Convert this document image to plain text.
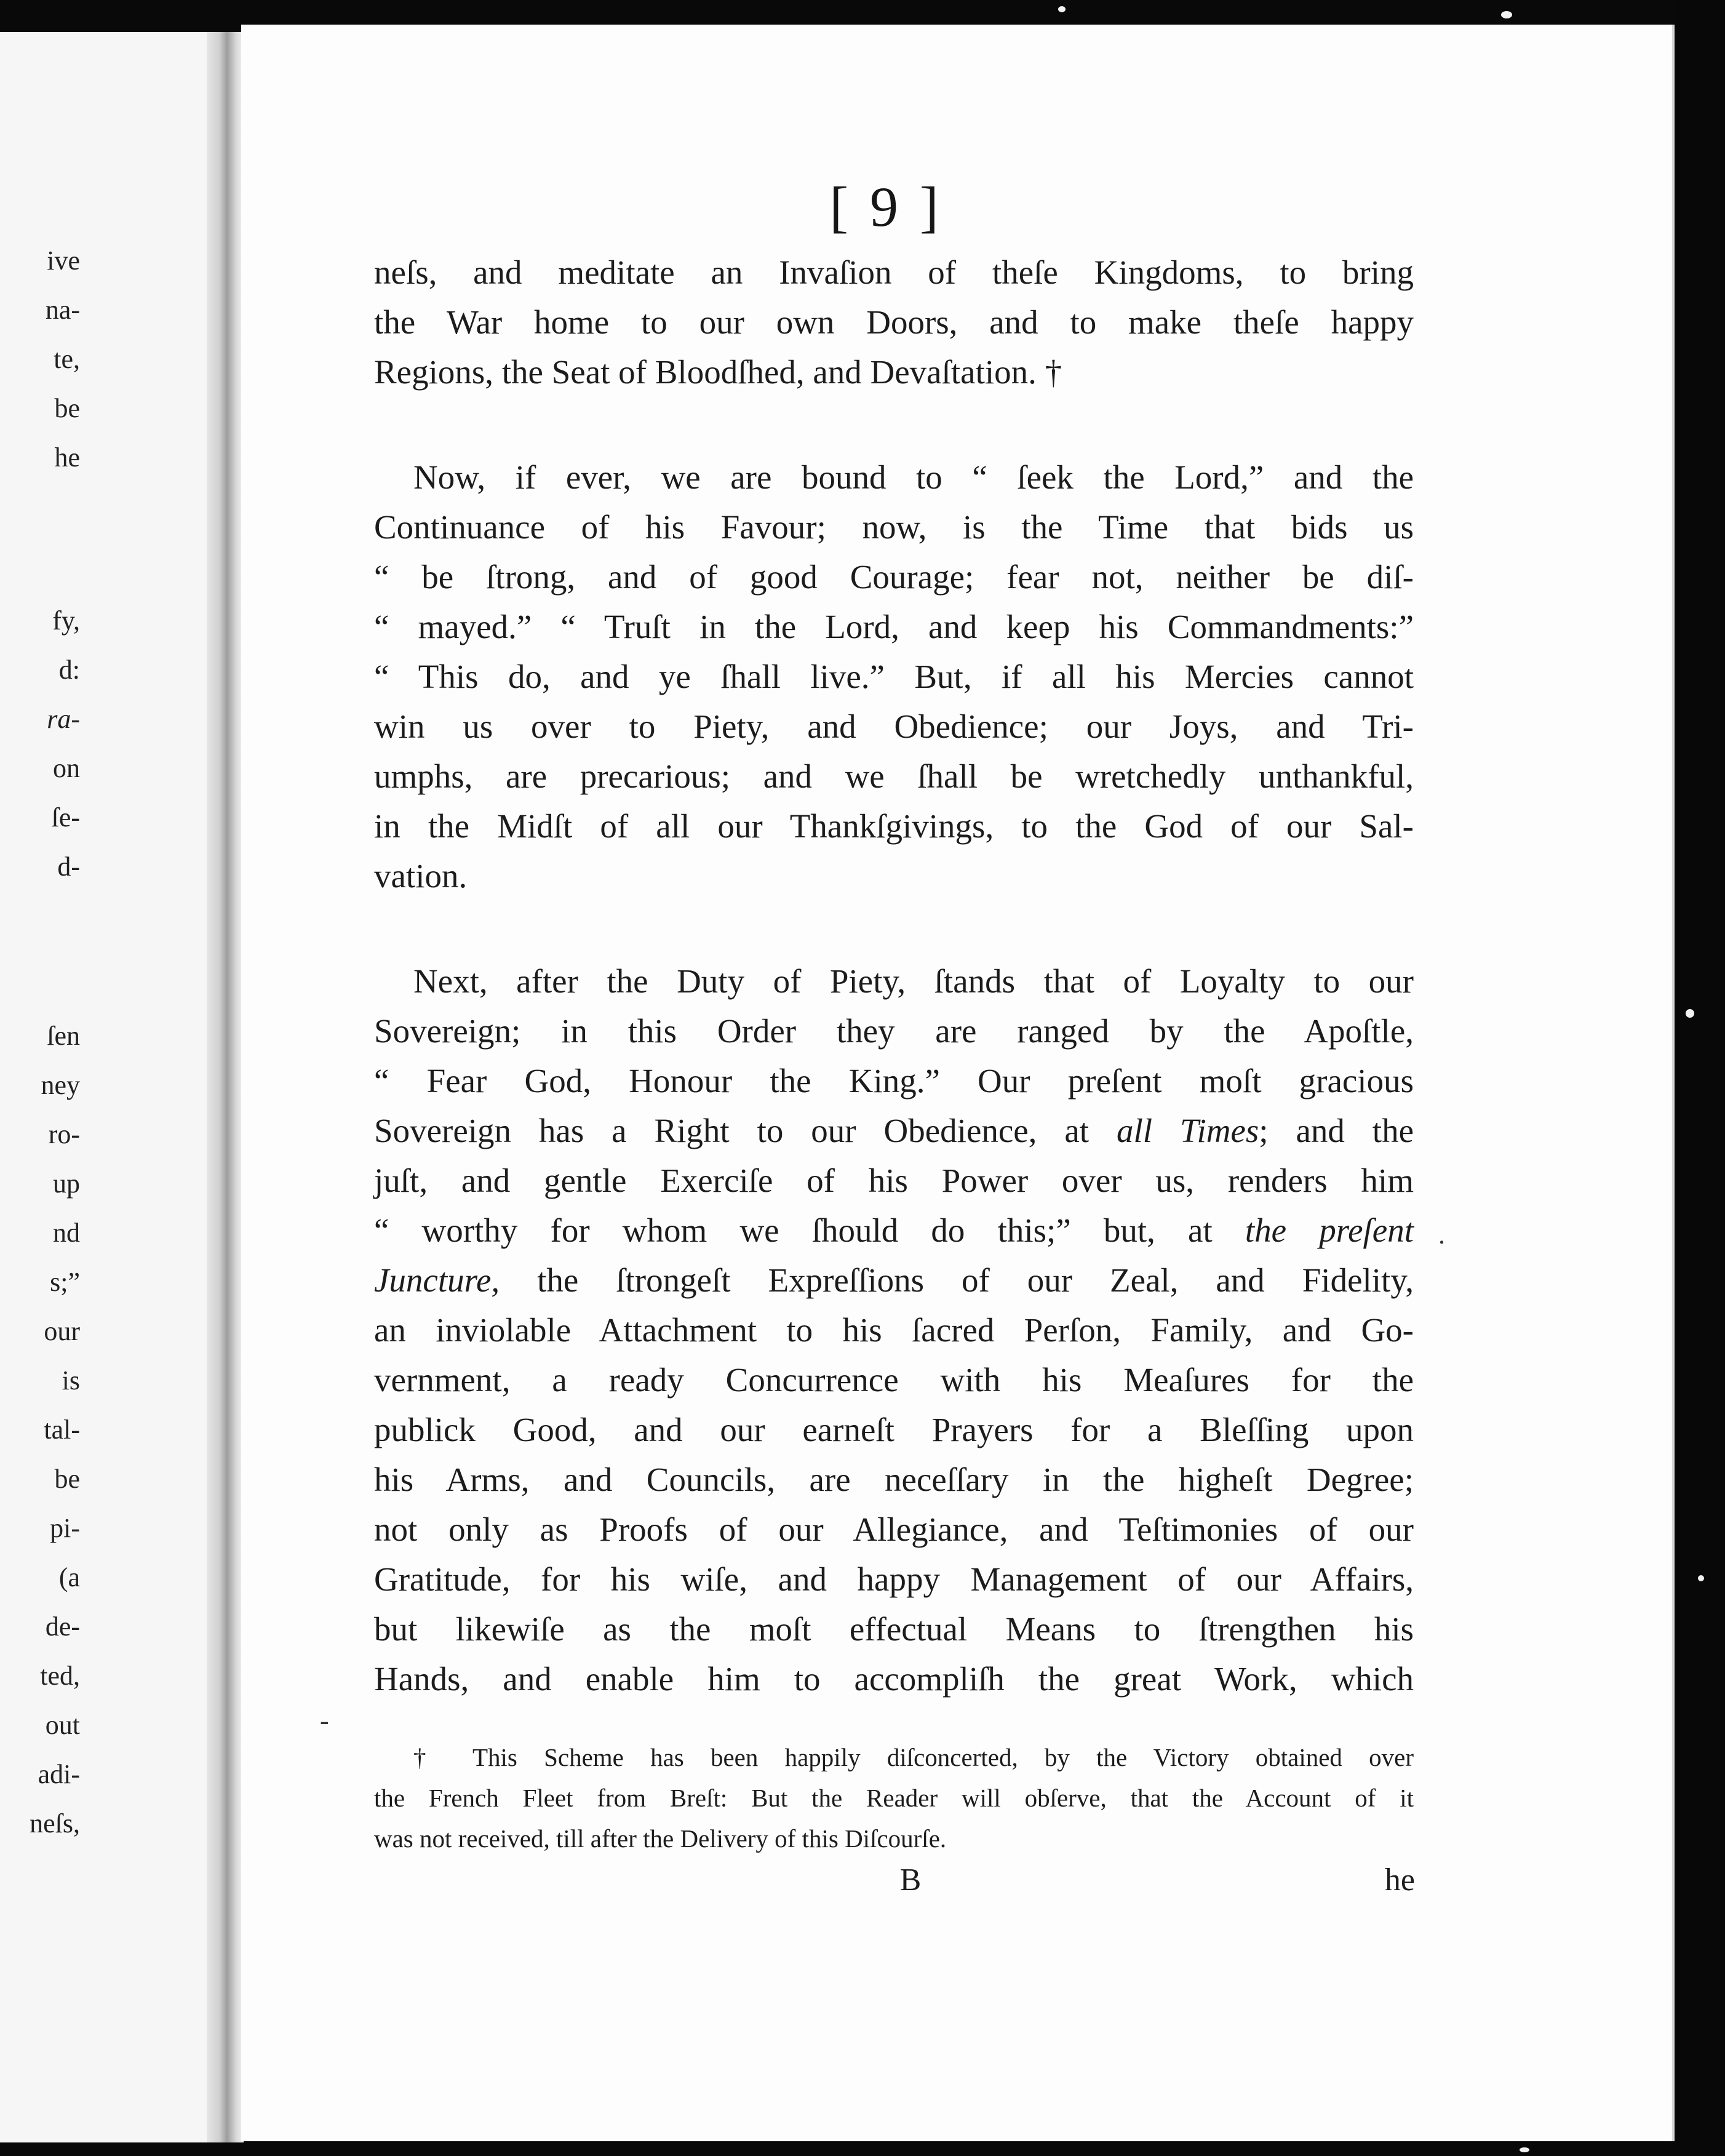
ive
na-
te,
be
he
fy,
d:
ra-
on
ſe-
d-
ſen
ney
ro-
up
nd
s;”
our
is
tal-
be
pi-
(a
de-
ted,
out
adi-
neſs,
[ 9 ]
neſs, and meditate an Invaſion of theſe Kingdoms, to bring
the War home to our own Doors, and to make theſe happy
Regions, the Seat of Bloodſhed, and Devaſtation. †
Now, if ever, we are bound to “ ſeek the Lord,” and the
Continuance of his Favour; now, is the Time that bids us
“ be ſtrong, and of good Courage; fear not, neither be diſ-
“ mayed.” “ Truſt in the Lord, and keep his Commandments:”
“ This do, and ye ſhall live.” But, if all his Mercies cannot
win us over to Piety, and Obedience; our Joys, and Tri-
umphs, are precarious; and we ſhall be wretchedly unthankful,
in the Midſt of all our Thankſgivings, to the God of our Sal-
vation.
Next, after the Duty of Piety, ſtands that of Loyalty to our
Sovereign; in this Order they are ranged by the Apoſtle,
“ Fear God, Honour the King.” Our preſent moſt gracious
Sovereign has a Right to our Obedience, at all Times; and the
juſt, and gentle Exerciſe of his Power over us, renders him
“ worthy for whom we ſhould do this;” but, at the preſent
Juncture, the ſtrongeſt Expreſſions of our Zeal, and Fidelity,
an inviolable Attachment to his ſacred Perſon, Family, and Go-
vernment, a ready Concurrence with his Meaſures for the
publick Good, and our earneſt Prayers for a Bleſſing upon
his Arms, and Councils, are neceſſary in the higheſt Degree;
not only as Proofs of our Allegiance, and Teſtimonies of our
Gratitude, for his wiſe, and happy Management of our Affairs,
but likewiſe as the moſt effectual Means to ſtrengthen his
Hands, and enable him to accompliſh the great Work, which
† This Scheme has been happily diſconcerted, by the Victory obtained over
the French Fleet from Breſt: But the Reader will obſerve, that the Account of it
was not received, till after the Delivery of this Diſcourſe.
B	he
.
-
